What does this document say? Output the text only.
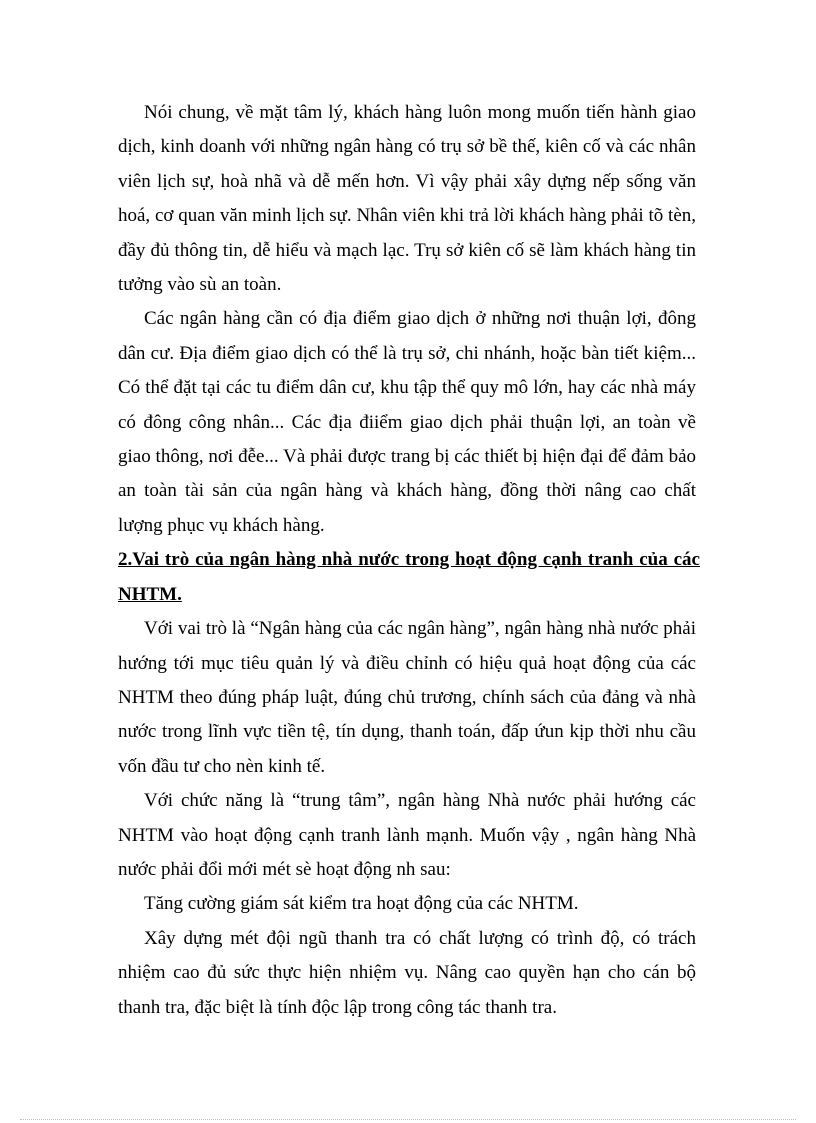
Nói chung, về mặt tâm lý, khách hàng luôn mong muốn tiến hành giao dịch, kinh doanh với những ngân hàng có trụ sở bề thế, kiên cố và các nhân viên lịch sự, hoà nhã và dễ mến hơn. Vì vậy phải xây dựng nếp sống văn hoá, cơ quan văn minh lịch sự. Nhân viên khi trả lời khách hàng phải tõ tèn, đầy đủ thông tin, dễ hiểu và mạch lạc. Trụ sở kiên cố sẽ làm khách hàng tin tưởng vào sù an toàn.

Các ngân hàng cần có địa điểm giao dịch ở những nơi thuận lợi, đông dân cư. Địa điểm giao dịch có thể là trụ sở, chi nhánh, hoặc bàn tiết kiệm... Có thể đặt tại các tu điểm dân cư, khu tập thể quy mô lớn, hay các nhà máy có đông công nhân... Các địa điiểm giao dịch phải thuận lợi, an toàn về giao thông, nơi đễe... Và phải được trang bị các thiết bị hiện đại để đảm bảo an toàn tài sản của ngân hàng và khách hàng, đồng thời nâng cao chất lượng phục vụ khách hàng.

2.Vai trò của ngân hàng nhà nước trong hoạt động cạnh tranh của các NHTM.

Với vai trò là “Ngân hàng của các ngân hàng”, ngân hàng nhà nước phải hướng tới mục tiêu quản lý và điều chỉnh có hiệu quả hoạt động của các NHTM theo đúng pháp luật, đúng chủ trương, chính sách của đảng và nhà nước trong lĩnh vực tiền tệ, tín dụng, thanh toán, đấp ứun kịp thời nhu cầu vốn đầu tư cho nèn kinh tế.

Với chức năng là “trung tâm”, ngân hàng Nhà nước phải hướng các NHTM vào hoạt động cạnh tranh lành mạnh. Muốn vậy , ngân hàng Nhà nước phải đổi mới mét sè hoạt động nh sau:

Tăng cường giám sát kiểm tra hoạt động của các NHTM.

Xây dựng mét đội ngũ thanh tra có chất lượng có trình độ, có trách nhiệm cao đủ sức thực hiện nhiệm vụ. Nâng cao quyền hạn cho cán bộ thanh tra, đặc biệt là tính độc lập trong công tác thanh tra.
